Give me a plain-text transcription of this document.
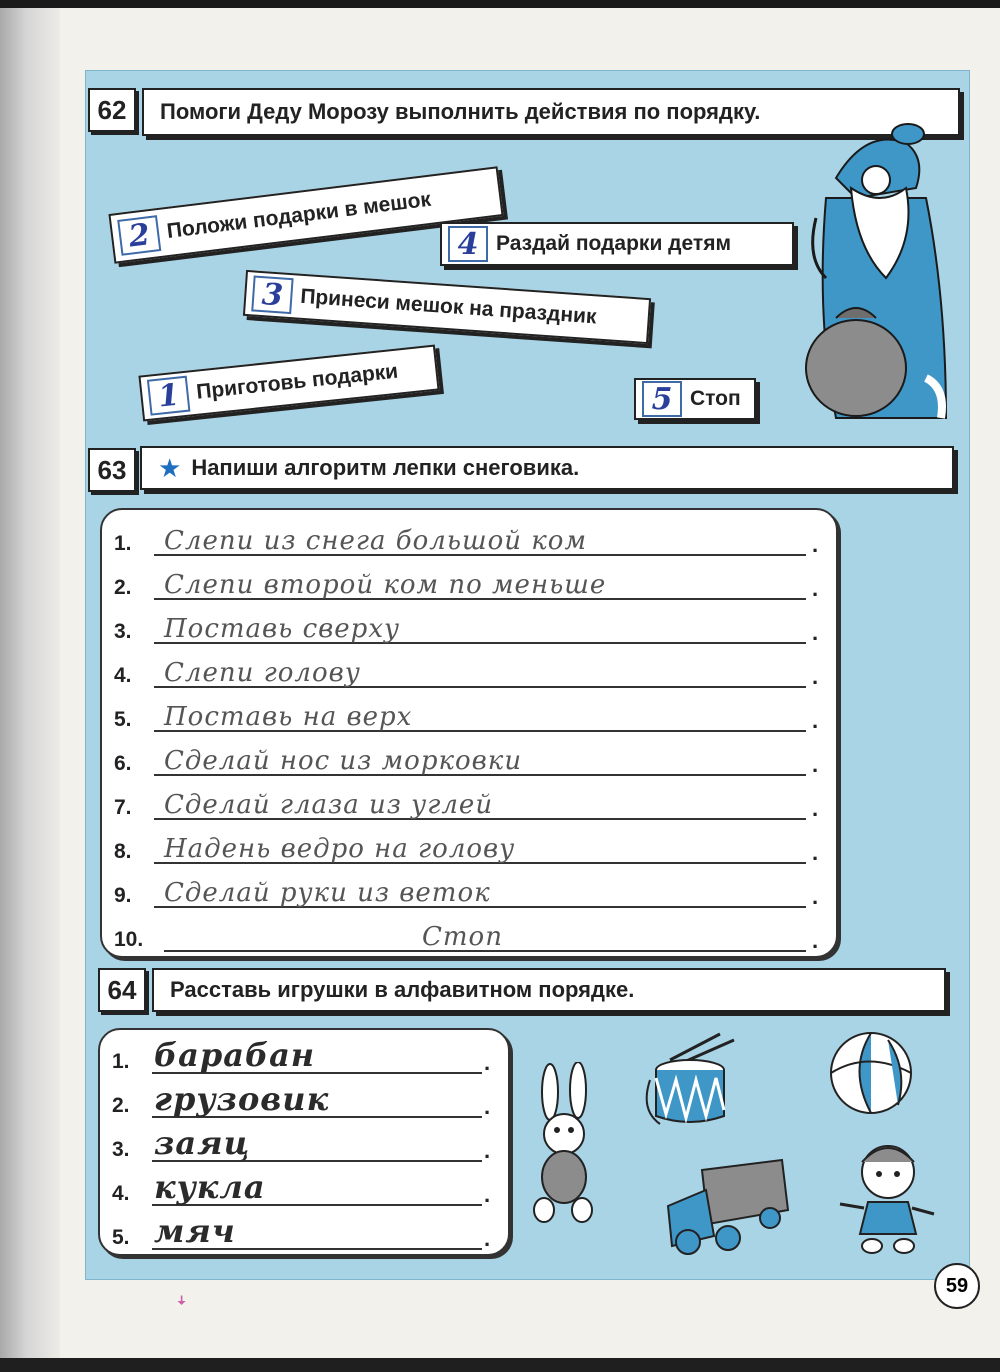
62	Помоги Деду Морозу выполнить действия по порядку.
2 Положи подарки в мешок
4 Раздай подарки детям
3 Принеси мешок на праздник
1 Приготовь подарки	5 Стоп
63	★ Напиши алгоритм лепки снеговика.
1. Слепи из снега большой ком	.
2. Слепи второй ком по меньше	.
3. Поставь сверху	.
4. Слепи голову	.
5. Поставь на верх	.
6. Сделай нос из морковки	.
7. Сделай глаза из углей	.
8. Надень ведро на голову	.
9. Сделай руки из веток	.
10.	Стоп	.
64	Расставь игрушки в алфавитном порядке.
1. барабан	.
2. грузовик	.
3. заяц	.
4. кукла	.
5. мяч	.
59
ꜜ
